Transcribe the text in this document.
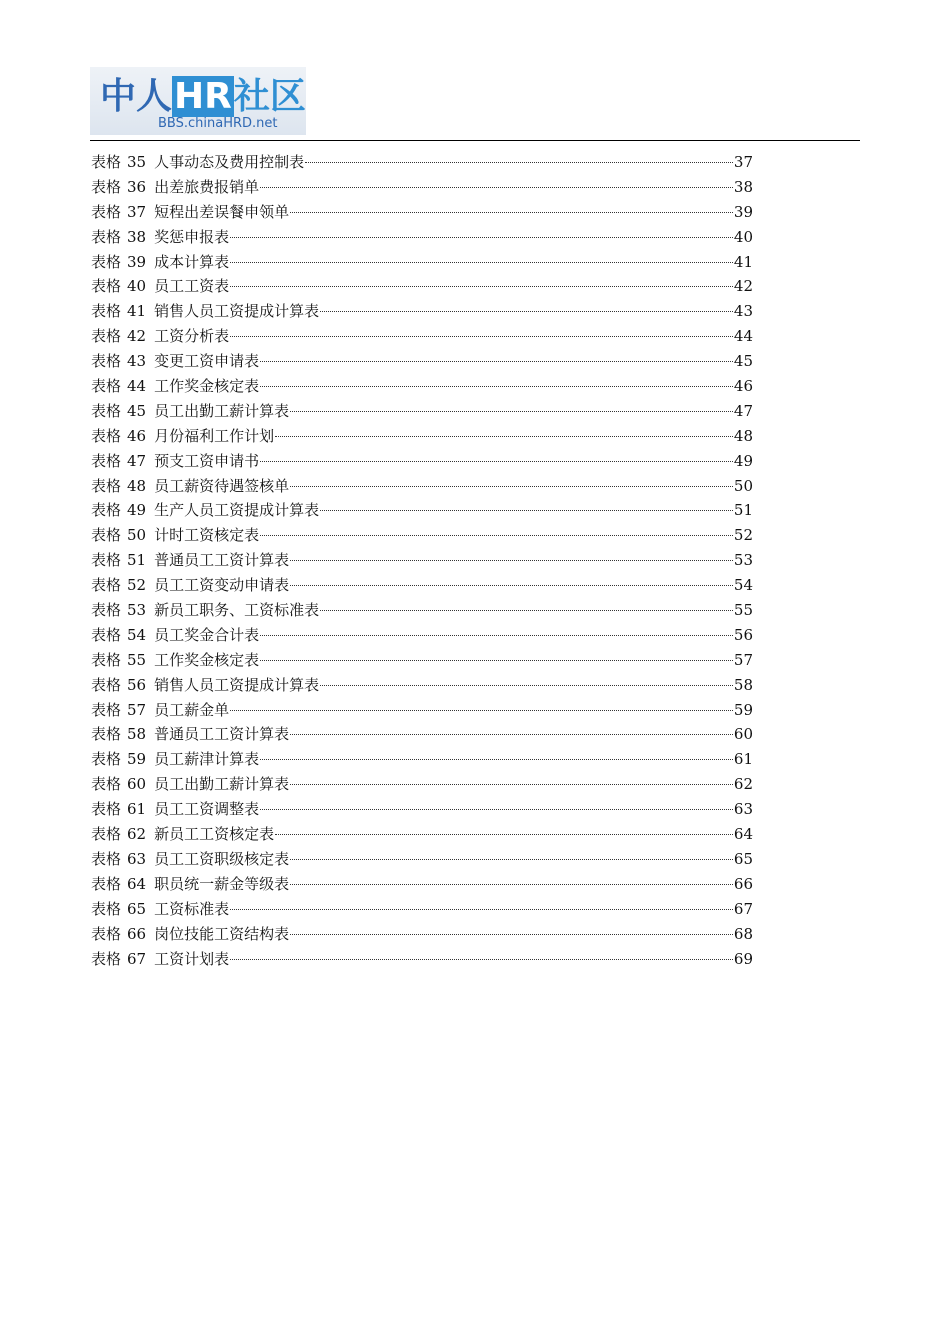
中人HR社区
BBS.chinaHRD.net
表格 35 人事动态及费用控制表	37
表格 36 出差旅费报销单	38
表格 37 短程出差误餐申领单	39
表格 38 奖惩申报表	40
表格 39 成本计算表	41
表格 40 员工工资表	42
表格 41 销售人员工资提成计算表	43
表格 42 工资分析表	44
表格 43 变更工资申请表	45
表格 44 工作奖金核定表	46
表格 45 员工出勤工薪计算表	47
表格 46 月份福利工作计划	48
表格 47 预支工资申请书	49
表格 48 员工薪资待遇签核单	50
表格 49 生产人员工资提成计算表	51
表格 50 计时工资核定表	52
表格 51 普通员工工资计算表	53
表格 52 员工工资变动申请表	54
表格 53 新员工职务、工资标准表	55
表格 54 员工奖金合计表	56
表格 55 工作奖金核定表	57
表格 56 销售人员工资提成计算表	58
表格 57 员工薪金单	59
表格 58 普通员工工资计算表	60
表格 59 员工薪津计算表	61
表格 60 员工出勤工薪计算表	62
表格 61 员工工资调整表	63
表格 62 新员工工资核定表	64
表格 63 员工工资职级核定表	65
表格 64 职员统一薪金等级表	66
表格 65 工资标准表	67
表格 66 岗位技能工资结构表	68
表格 67 工资计划表	69
